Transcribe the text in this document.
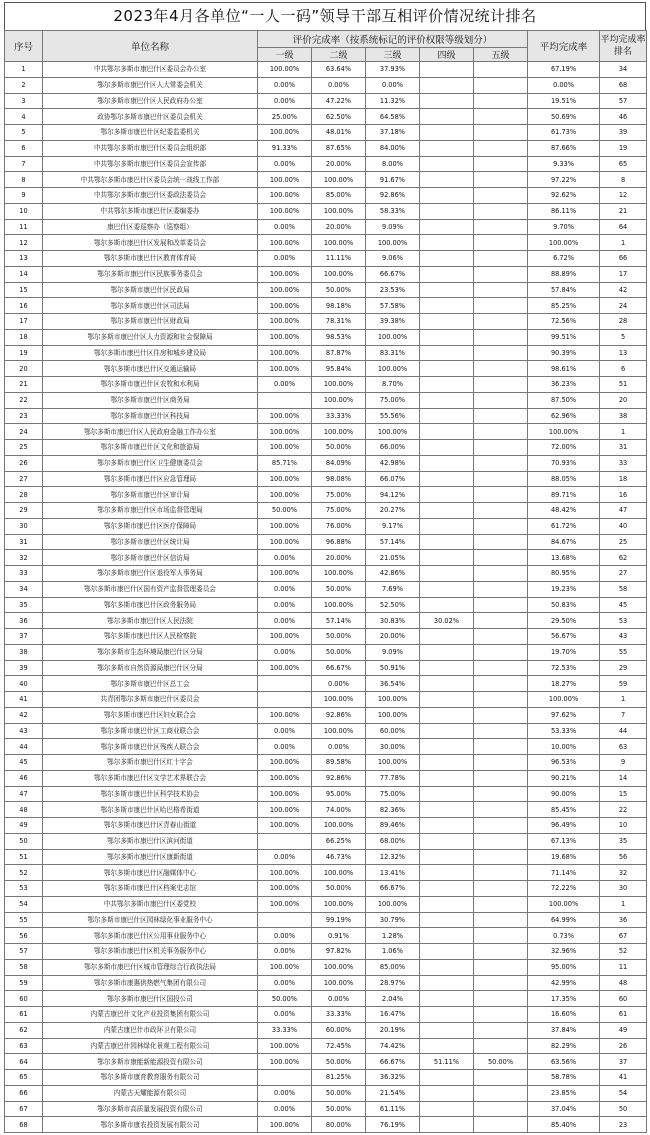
2023年4月各单位“一人一码”领导干部互相评价情况统计排名
序号	单位名称	评价完成率（按系统标记的评价权限等级划分）					平均完成率	平均完成率排名
		一级	二级	三级	四级	五级		
1	中共鄂尔多斯市康巴什区委员会办公室	100.00%	63.64%	37.93%			67.19%	34
2	鄂尔多斯市康巴什区人大常委会机关	0.00%	0.00%	0.00%			0.00%	68
3	鄂尔多斯市康巴什区人民政府办公室	0.00%	47.22%	11.32%			19.51%	57
4	政协鄂尔多斯市康巴什区委员会机关	25.00%	62.50%	64.58%			50.69%	46
5	鄂尔多斯市康巴什区纪委监委机关	100.00%	48.01%	37.18%			61.73%	39
6	中共鄂尔多斯市康巴什区委员会组织部	91.33%	87.65%	84.00%			87.66%	19
7	中共鄂尔多斯市康巴什区委员会宣传部	0.00%	20.00%	8.00%			9.33%	65
8	中共鄂尔多斯市康巴什区委员会统一战线工作部	100.00%	100.00%	91.67%			97.22%	8
9	中共鄂尔多斯市康巴什区委政法委员会	100.00%	85.00%	92.86%			92.62%	12
10	中共鄂尔多斯市康巴什区委编委办	100.00%	100.00%	58.33%			86.11%	21
11	康巴什区委巡察办（巡察组）	0.00%	20.00%	9.09%			9.70%	64
12	鄂尔多斯市康巴什区发展和改革委员会	100.00%	100.00%	100.00%			100.00%	1
13	鄂尔多斯市康巴什区教育体育局	0.00%	11.11%	9.06%			6.72%	66
14	鄂尔多斯市康巴什区民族事务委员会	100.00%	100.00%	66.67%			88.89%	17
15	鄂尔多斯市康巴什区民政局	100.00%	50.00%	23.53%			57.84%	42
16	鄂尔多斯市康巴什区司法局	100.00%	98.18%	57.58%			85.25%	24
17	鄂尔多斯市康巴什区财政局	100.00%	78.31%	39.38%			72.56%	28
18	鄂尔多斯市康巴什区人力资源和社会保障局	100.00%	98.53%	100.00%			99.51%	5
19	鄂尔多斯市康巴什区住房和城乡建设局	100.00%	87.87%	83.31%			90.39%	13
20	鄂尔多斯市康巴什区交通运输局	100.00%	95.84%	100.00%			98.61%	6
21	鄂尔多斯市康巴什区农牧和水利局	0.00%	100.00%	8.70%			36.23%	51
22	鄂尔多斯市康巴什区商务局		100.00%	75.00%			87.50%	20
23	鄂尔多斯市康巴什区科技局	100.00%	33.33%	55.56%			62.96%	38
24	鄂尔多斯市康巴什区人民政府金融工作办公室	100.00%	100.00%	100.00%			100.00%	1
25	鄂尔多斯市康巴什区文化和旅游局	100.00%	50.00%	66.00%			72.00%	31
26	鄂尔多斯市康巴什区卫生健康委员会	85.71%	84.09%	42.98%			70.93%	33
27	鄂尔多斯市康巴什区应急管理局	100.00%	98.08%	66.07%			88.05%	18
28	鄂尔多斯市康巴什区审计局	100.00%	75.00%	94.12%			89.71%	16
29	鄂尔多斯市康巴什区市场监督管理局	50.00%	75.00%	20.27%			48.42%	47
30	鄂尔多斯市康巴什区医疗保障局	100.00%	76.00%	9.17%			61.72%	40
31	鄂尔多斯市康巴什区统计局	100.00%	96.88%	57.14%			84.67%	25
32	鄂尔多斯市康巴什区信访局	0.00%	20.00%	21.05%			13.68%	62
33	鄂尔多斯市康巴什区退役军人事务局	100.00%	100.00%	42.86%			80.95%	27
34	鄂尔多斯市康巴什区国有资产监督管理委员会	0.00%	50.00%	7.69%			19.23%	58
35	鄂尔多斯市康巴什区政务服务局	0.00%	100.00%	52.50%			50.83%	45
36	鄂尔多斯市康巴什区人民法院	0.00%	57.14%	30.83%	30.02%		29.50%	53
37	鄂尔多斯市康巴什区人民检察院	100.00%	50.00%	20.00%			56.67%	43
38	鄂尔多斯市生态环境局康巴什区分局	0.00%	50.00%	9.09%			19.70%	55
39	鄂尔多斯市自然资源局康巴什区分局	100.00%	66.67%	50.91%			72.53%	29
40	鄂尔多斯市康巴什区总工会		0.00%	36.54%			18.27%	59
41	共青团鄂尔多斯市康巴什区委员会		100.00%	100.00%			100.00%	1
42	鄂尔多斯市康巴什区妇女联合会	100.00%	92.86%	100.00%			97.62%	7
43	鄂尔多斯市康巴什区工商业联合会	0.00%	100.00%	60.00%			53.33%	44
44	鄂尔多斯市康巴什区残疾人联合会	0.00%	0.00%	30.00%			10.00%	63
45	鄂尔多斯市康巴什区红十字会	100.00%	89.58%	100.00%			96.53%	9
46	鄂尔多斯市康巴什区文学艺术界联合会	100.00%	92.86%	77.78%			90.21%	14
47	鄂尔多斯市康巴什区科学技术协会	100.00%	95.00%	75.00%			90.00%	15
48	鄂尔多斯市康巴什区哈巴格希街道	100.00%	74.00%	82.36%			85.45%	22
49	鄂尔多斯市康巴什区青春山街道	100.00%	100.00%	89.46%			96.49%	10
50	鄂尔多斯市康巴什区滨河街道		66.25%	68.00%			67.13%	35
51	鄂尔多斯市康巴什区康新街道	0.00%	46.73%	12.32%			19.68%	56
52	鄂尔多斯市康巴什区融媒体中心	100.00%	100.00%	13.41%			71.14%	32
53	鄂尔多斯市康巴什区档案史志馆	100.00%	50.00%	66.67%			72.22%	30
54	中共鄂尔多斯市康巴什区委党校	100.00%	100.00%	100.00%			100.00%	1
55	鄂尔多斯市康巴什区园林绿化事业服务中心		99.19%	30.79%			64.99%	36
56	鄂尔多斯市康巴什区公用事业服务中心	0.00%	0.91%	1.28%			0.73%	67
57	鄂尔多斯市康巴什区机关事务服务中心	0.00%	97.82%	1.06%			32.96%	52
58	鄂尔多斯市康巴什区城市管理综合行政执法局	100.00%	100.00%	85.00%			95.00%	11
59	鄂尔多斯市康惠供热燃气集团有限公司	0.00%	100.00%	28.97%			42.99%	48
60	鄂尔多斯市康巴什区国投公司	50.00%	0.00%	2.04%			17.35%	60
61	内蒙古康巴什文化产业投资集团有限公司	0.00%	33.33%	16.47%			16.60%	61
62	内蒙古康巴什市政环卫有限公司	33.33%	60.00%	20.19%			37.84%	49
63	内蒙古康巴什园林绿化景观工程有限公司	100.00%	72.45%	74.42%			82.29%	26
64	鄂尔多斯市康能新能源投资有限公司	100.00%	50.00%	66.67%	51.11%	50.00%	63.56%	37
65	鄂尔多斯市康育教育服务有限公司		81.25%	36.32%			58.78%	41
66	内蒙古天耀能源有限公司	0.00%	50.00%	21.54%			23.85%	54
67	鄂尔多斯市高质量发展投资有限公司	0.00%	50.00%	61.11%			37.04%	50
68	鄂尔多斯市康农投资发展有限公司	100.00%	80.00%	76.19%			85.40%	23
